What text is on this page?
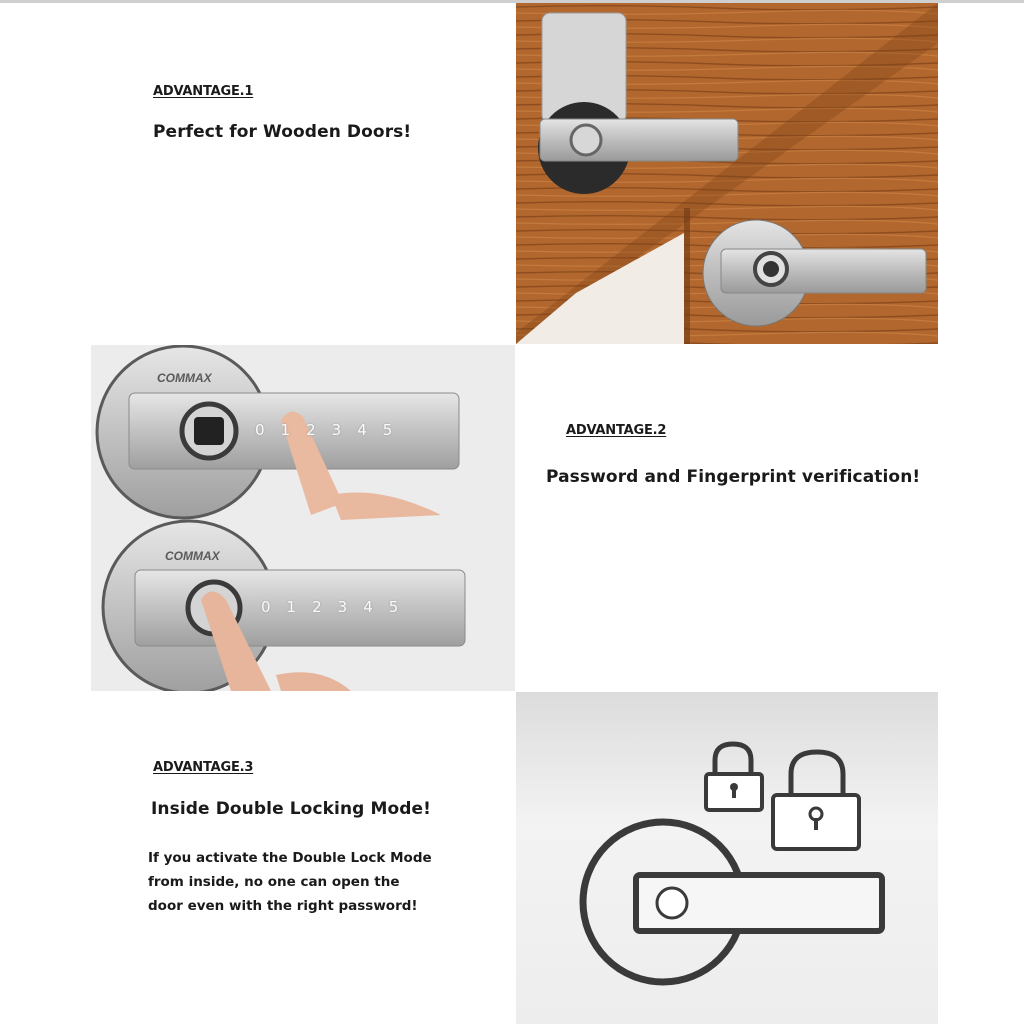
ADVANTAGE.1
Perfect for Wooden Doors!
COMMAX
COMMAX
0 1 2 3 4 5
0 1 2 3 4 5
ADVANTAGE.2
Password and Fingerprint verification!
ADVANTAGE.3
Inside Double Locking Mode!
If you activate the Double Lock Mode
from inside, no one can open the
door even with the right password!
